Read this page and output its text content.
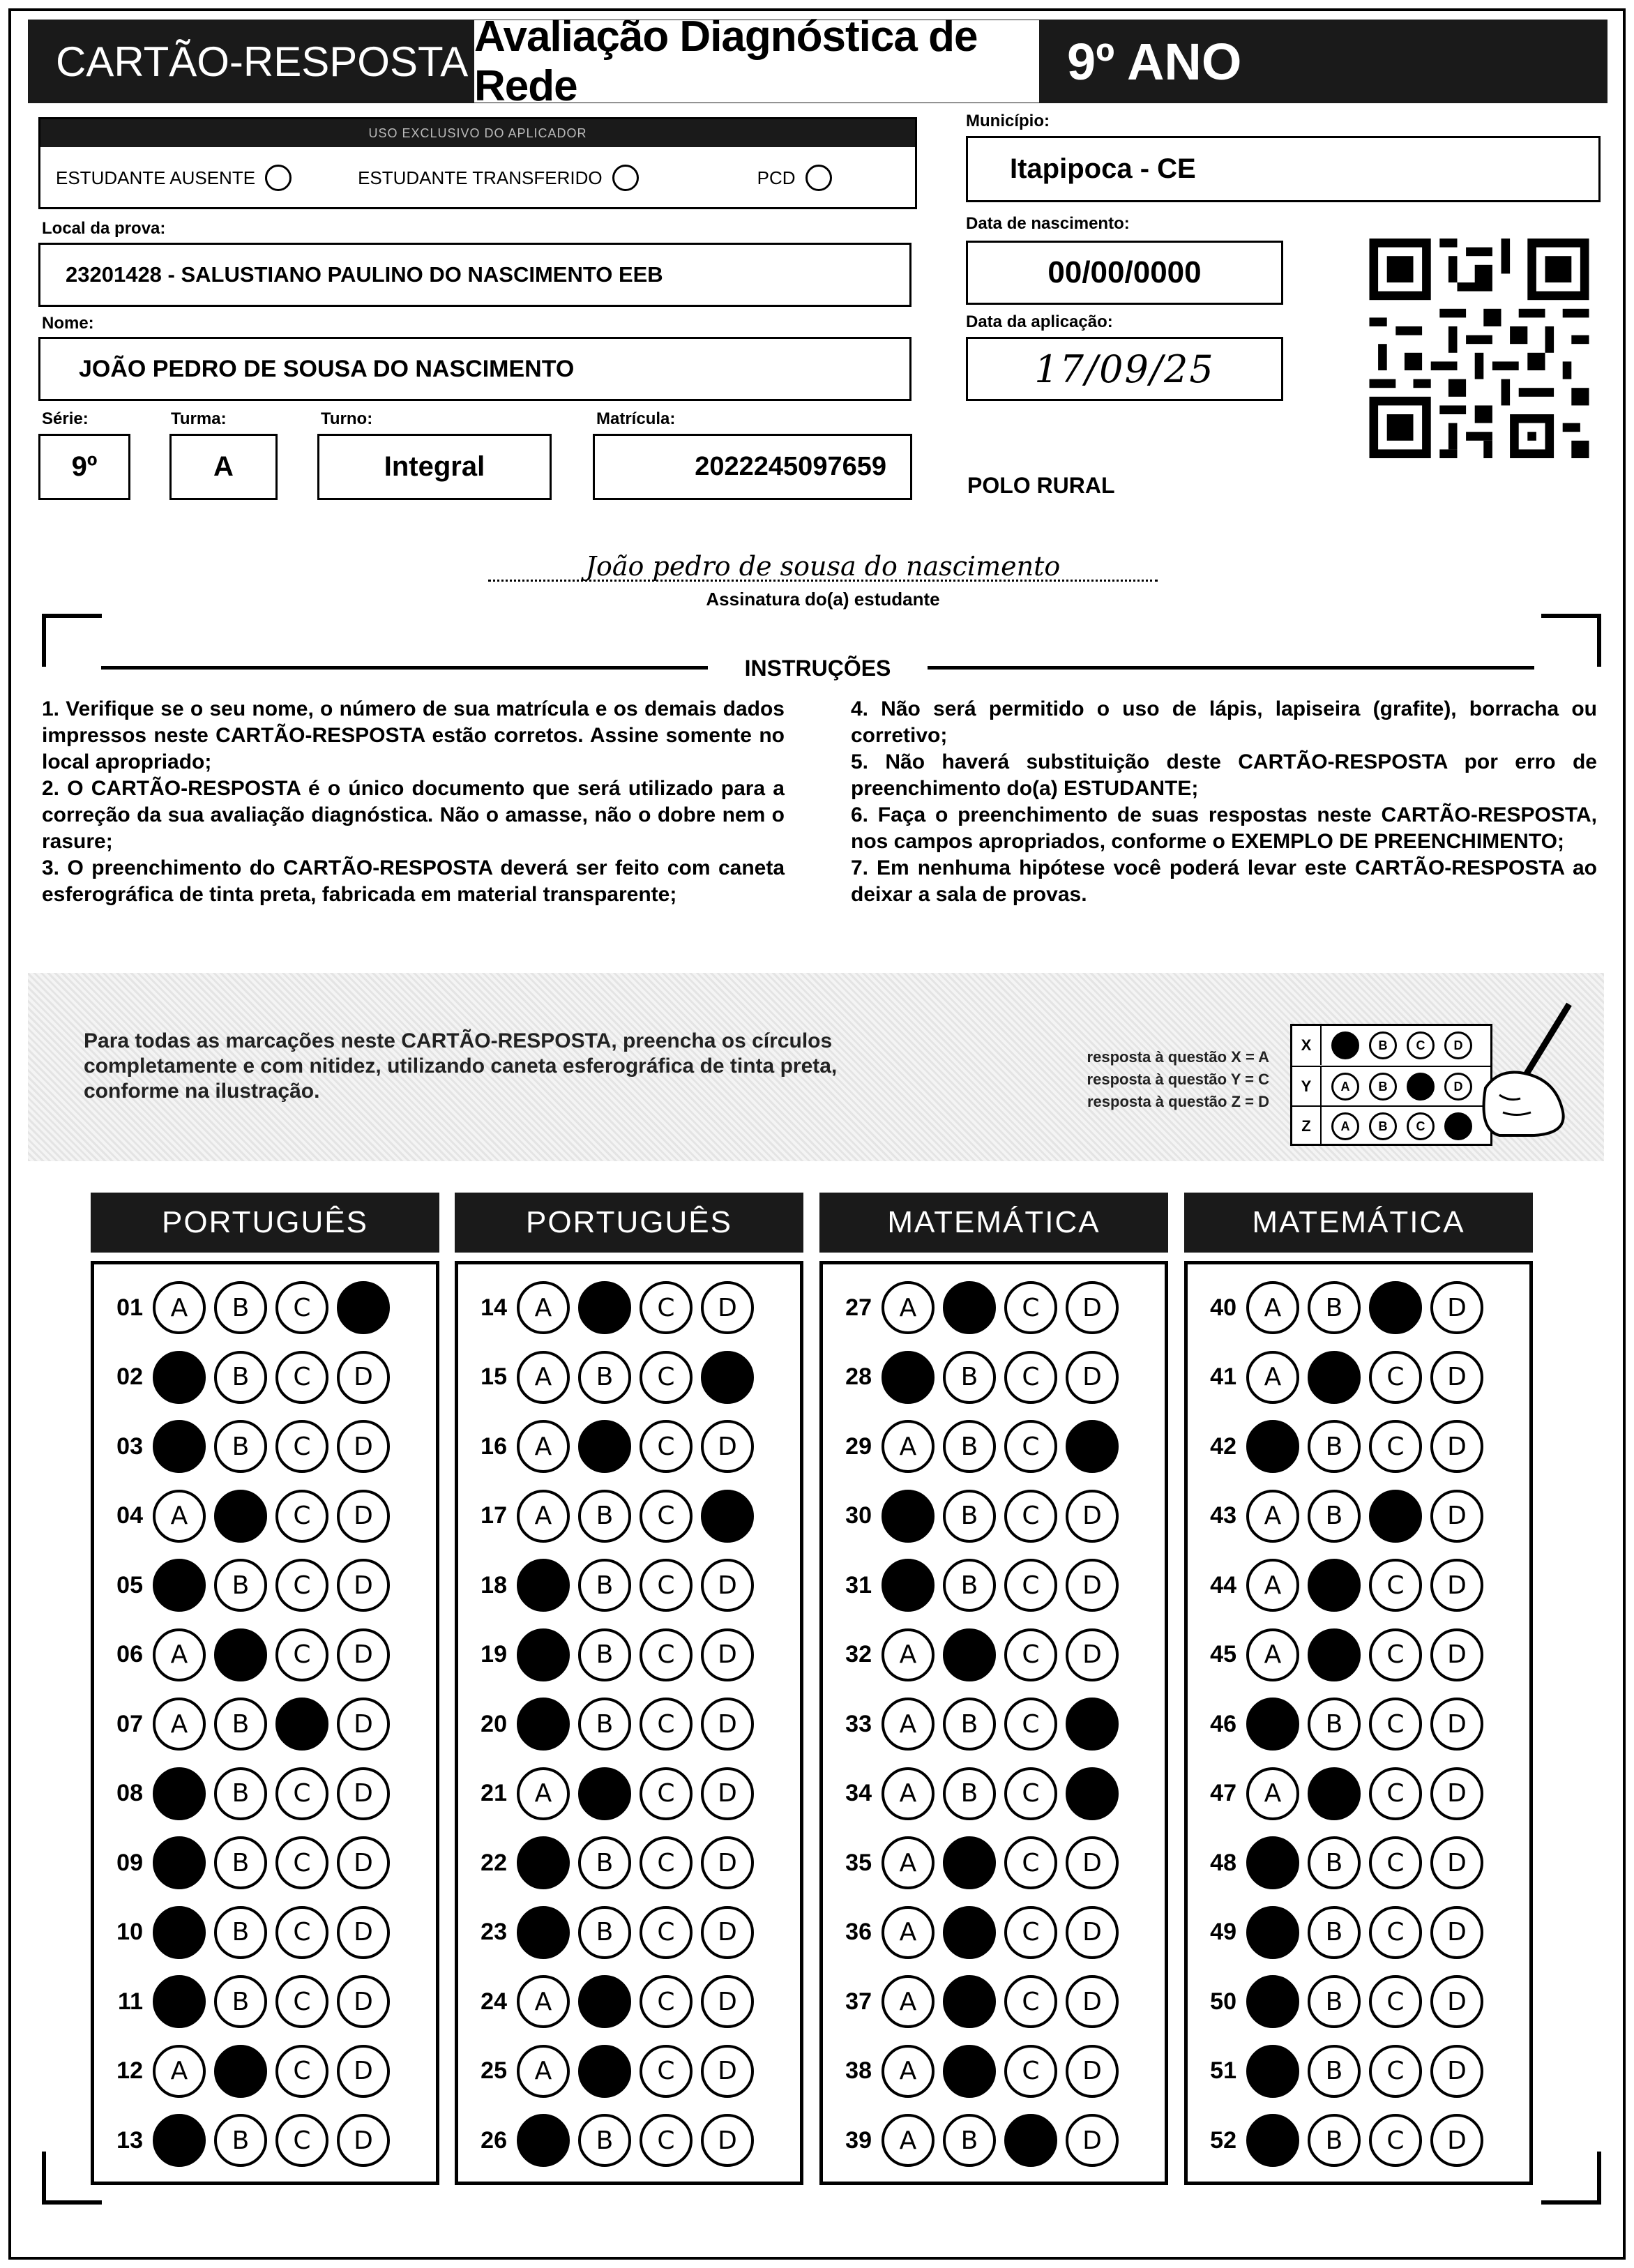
CARTÃO-RESPOSTA
Avaliação Diagnóstica de Rede	9º ANO
USO EXCLUSIVO DO APLICADOR
ESTUDANTE AUSENTE	ESTUDANTE TRANSFERIDO	PCD
Município:
Itapipoca - CE
Local da prova:
23201428 - SALUSTIANO PAULINO DO NASCIMENTO EEB
Data de nascimento:
00/00/0000
Nome:
JOÃO PEDRO DE SOUSA DO NASCIMENTO
Data da aplicação:
17/09/25
Série:
9º
Turma:
A
Turno:
Integral
Matrícula:
2022245097659
POLO RURAL
João pedro de sousa do nascimento
Assinatura do(a) estudante
INSTRUÇÕES

1. Verifique se o seu nome, o número de sua matrícula e os demais dados impressos neste CARTÃO-RESPOSTA estão corretos. Assine somente no local apropriado;

2. O CARTÃO-RESPOSTA é o único documento que será utilizado para a correção da sua avaliação diagnóstica. Não o amasse, não o dobre nem o rasure;

3. O preenchimento do CARTÃO-RESPOSTA deverá ser feito com caneta esferográfica de tinta preta, fabricada em material transparente;

4. Não será permitido o uso de lápis, lapiseira (grafite), borracha ou corretivo;

5. Não haverá substituição deste CARTÃO-RESPOSTA por erro de preenchimento do(a) ESTUDANTE;

6. Faça o preenchimento de suas respostas neste CARTÃO-RESPOSTA, nos campos apropriados, conforme o EXEMPLO DE PREENCHIMENTO;

7. Em nenhuma hipótese você poderá levar este CARTÃO-RESPOSTA ao deixar a sala de provas.

Para todas as marcações neste CARTÃO-RESPOSTA, preencha os círculos completamente e com nitidez, utilizando caneta esferográfica de tinta preta, conforme na ilustração.
resposta à questão X = A
resposta à questão Y = C
resposta à questão Z = D
X	A	B	C	D
Y	A	B	C	D
Z	A	B	C	D
PORTUGUÊS	PORTUGUÊS	MATEMÁTICA	MATEMÁTICA
01	A	B	C	D
02	A	B	C	D
03	A	B	C	D
04	A	B	C	D
05	A	B	C	D
06	A	B	C	D
07	A	B	C	D
08	A	B	C	D
09	A	B	C	D
10	A	B	C	D
11	A	B	C	D
12	A	B	C	D
13	A	B	C	D
14	A	B	C	D
15	A	B	C	D
16	A	B	C	D
17	A	B	C	D
18	A	B	C	D
19	A	B	C	D
20	A	B	C	D
21	A	B	C	D
22	A	B	C	D
23	A	B	C	D
24	A	B	C	D
25	A	B	C	D
26	A	B	C	D
27	A	B	C	D
28	A	B	C	D
29	A	B	C	D
30	A	B	C	D
31	A	B	C	D
32	A	B	C	D
33	A	B	C	D
34	A	B	C	D
35	A	B	C	D
36	A	B	C	D
37	A	B	C	D
38	A	B	C	D
39	A	B	C	D
40	A	B	C	D
41	A	B	C	D
42	A	B	C	D
43	A	B	C	D
44	A	B	C	D
45	A	B	C	D
46	A	B	C	D
47	A	B	C	D
48	A	B	C	D
49	A	B	C	D
50	A	B	C	D
51	A	B	C	D
52	A	B	C	D
